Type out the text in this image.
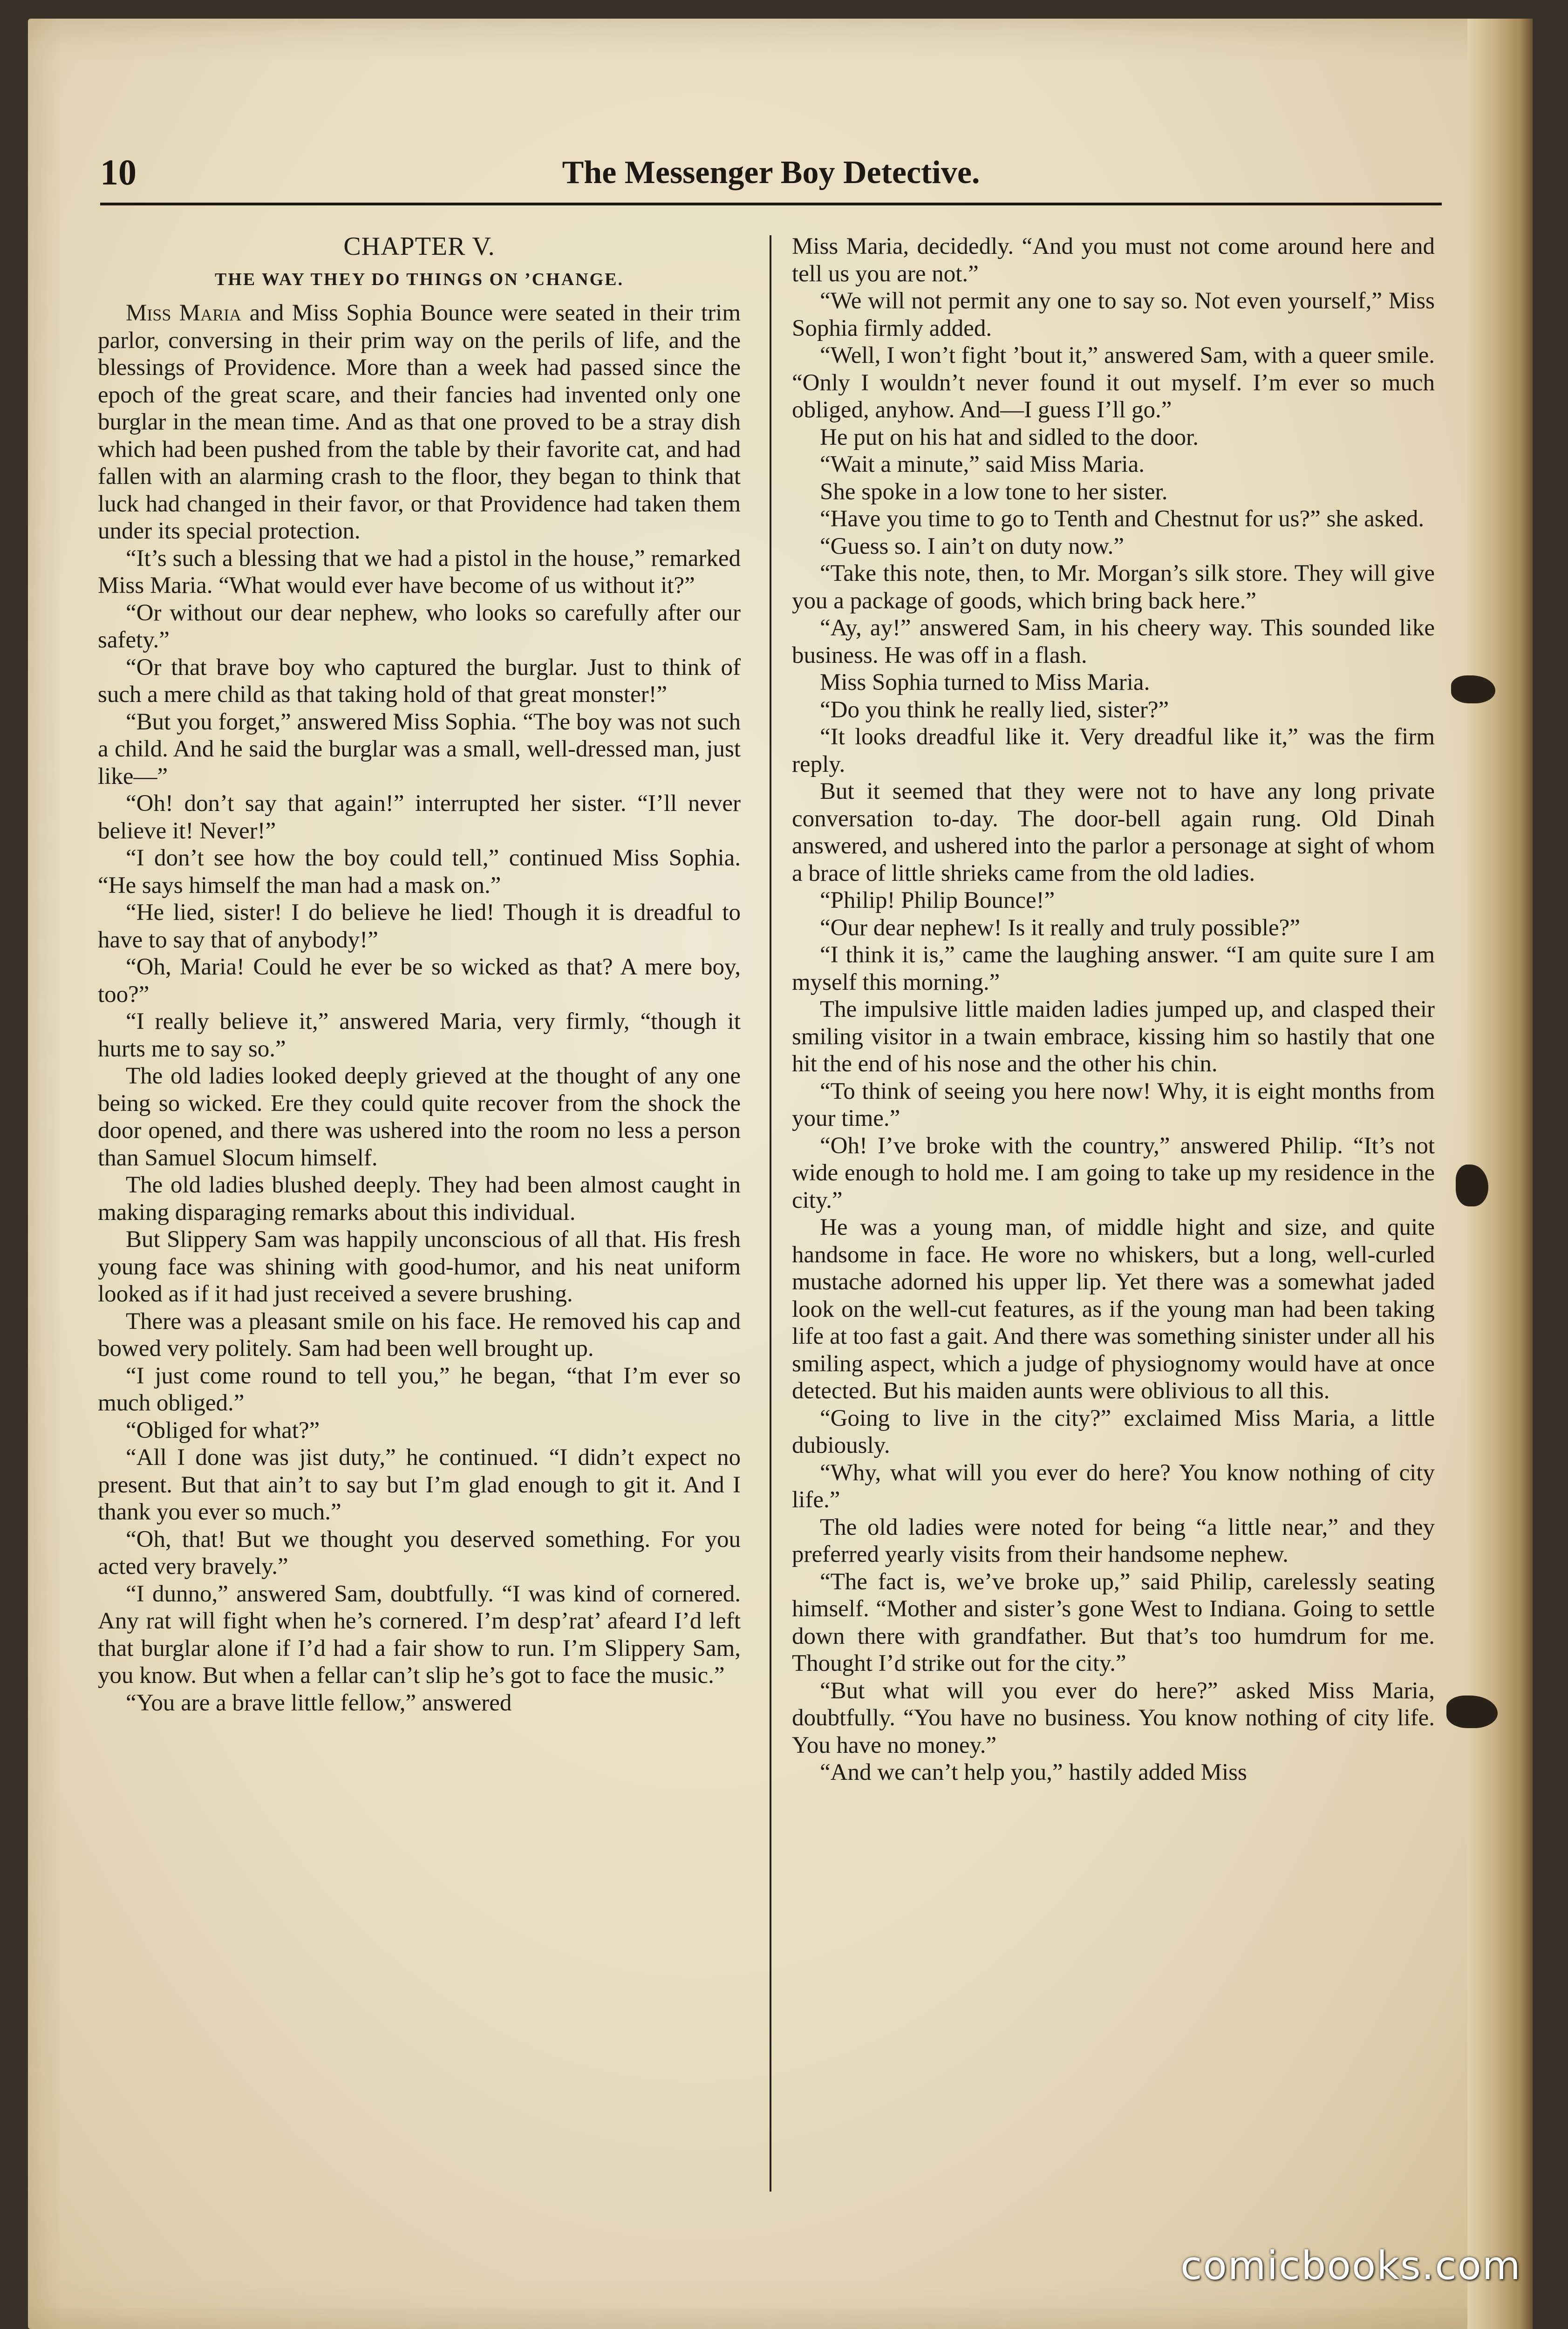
10	The Messenger Boy Detective.
CHAPTER V.
THE WAY THEY DO THINGS ON ’CHANGE.

Miss Maria and Miss Sophia Bounce were seated in their trim parlor, conversing in their prim way on the perils of life, and the blessings of Providence. More than a week had passed since the epoch of the great scare, and their fancies had invented only one burglar in the mean time. And as that one proved to be a stray dish which had been pushed from the table by their favorite cat, and had fallen with an alarming crash to the floor, they began to think that luck had changed in their favor, or that Providence had taken them under its special protection.

“It’s such a blessing that we had a pistol in the house,” remarked Miss Maria. “What would ever have become of us without it?”

“Or without our dear nephew, who looks so carefully after our safety.”

“Or that brave boy who captured the burglar. Just to think of such a mere child as that taking hold of that great monster!”

“But you forget,” answered Miss Sophia. “The boy was not such a child. And he said the burglar was a small, well-dressed man, just like—”

“Oh! don’t say that again!” interrupted her sister. “I’ll never believe it! Never!”

“I don’t see how the boy could tell,” continued Miss Sophia. “He says himself the man had a mask on.”

“He lied, sister! I do believe he lied! Though it is dreadful to have to say that of anybody!”

“Oh, Maria! Could he ever be so wicked as that? A mere boy, too?”

“I really believe it,” answered Maria, very firmly, “though it hurts me to say so.”

The old ladies looked deeply grieved at the thought of any one being so wicked. Ere they could quite recover from the shock the door opened, and there was ushered into the room no less a person than Samuel Slocum himself.

The old ladies blushed deeply. They had been almost caught in making disparaging remarks about this individual.

But Slippery Sam was happily unconscious of all that. His fresh young face was shining with good-humor, and his neat uniform looked as if it had just received a severe brushing.

There was a pleasant smile on his face. He removed his cap and bowed very politely. Sam had been well brought up.

“I just come round to tell you,” he began, “that I’m ever so much obliged.”

“Obliged for what?”

“All I done was jist duty,” he continued. “I didn’t expect no present. But that ain’t to say but I’m glad enough to git it. And I thank you ever so much.”

“Oh, that! But we thought you deserved something. For you acted very bravely.”

“I dunno,” answered Sam, doubtfully. “I was kind of cornered. Any rat will fight when he’s cornered. I’m desp’rat’ afeard I’d left that burglar alone if I’d had a fair show to run. I’m Slippery Sam, you know. But when a fellar can’t slip he’s got to face the music.”

“You are a brave little fellow,” answered

Miss Maria, decidedly. “And you must not come around here and tell us you are not.”

“We will not permit any one to say so. Not even yourself,” Miss Sophia firmly added.

“Well, I won’t fight ’bout it,” answered Sam, with a queer smile. “Only I wouldn’t never found it out myself. I’m ever so much obliged, anyhow. And—I guess I’ll go.”

He put on his hat and sidled to the door.

“Wait a minute,” said Miss Maria.

She spoke in a low tone to her sister.

“Have you time to go to Tenth and Chestnut for us?” she asked.

“Guess so. I ain’t on duty now.”

“Take this note, then, to Mr. Morgan’s silk store. They will give you a package of goods, which bring back here.”

“Ay, ay!” answered Sam, in his cheery way. This sounded like business. He was off in a flash.

Miss Sophia turned to Miss Maria.

“Do you think he really lied, sister?”

“It looks dreadful like it. Very dreadful like it,” was the firm reply.

But it seemed that they were not to have any long private conversation to-day. The door-bell again rung. Old Dinah answered, and ushered into the parlor a personage at sight of whom a brace of little shrieks came from the old ladies.

“Philip! Philip Bounce!”

“Our dear nephew! Is it really and truly possible?”

“I think it is,” came the laughing answer. “I am quite sure I am myself this morning.”

The impulsive little maiden ladies jumped up, and clasped their smiling visitor in a twain embrace, kissing him so hastily that one hit the end of his nose and the other his chin.

“To think of seeing you here now! Why, it is eight months from your time.”

“Oh! I’ve broke with the country,” answered Philip. “It’s not wide enough to hold me. I am going to take up my residence in the city.”

He was a young man, of middle hight and size, and quite handsome in face. He wore no whiskers, but a long, well-curled mustache adorned his upper lip. Yet there was a somewhat jaded look on the well-cut features, as if the young man had been taking life at too fast a gait. And there was something sinister under all his smiling aspect, which a judge of physiognomy would have at once detected. But his maiden aunts were oblivious to all this.

“Going to live in the city?” exclaimed Miss Maria, a little dubiously.

“Why, what will you ever do here? You know nothing of city life.”

The old ladies were noted for being “a little near,” and they preferred yearly visits from their handsome nephew.

“The fact is, we’ve broke up,” said Philip, carelessly seating himself. “Mother and sister’s gone West to Indiana. Going to settle down there with grandfather. But that’s too humdrum for me. Thought I’d strike out for the city.”

“But what will you ever do here?” asked Miss Maria, doubtfully. “You have no business. You know nothing of city life. You have no money.”

“And we can’t help you,” hastily added Miss

comicbooks.com
